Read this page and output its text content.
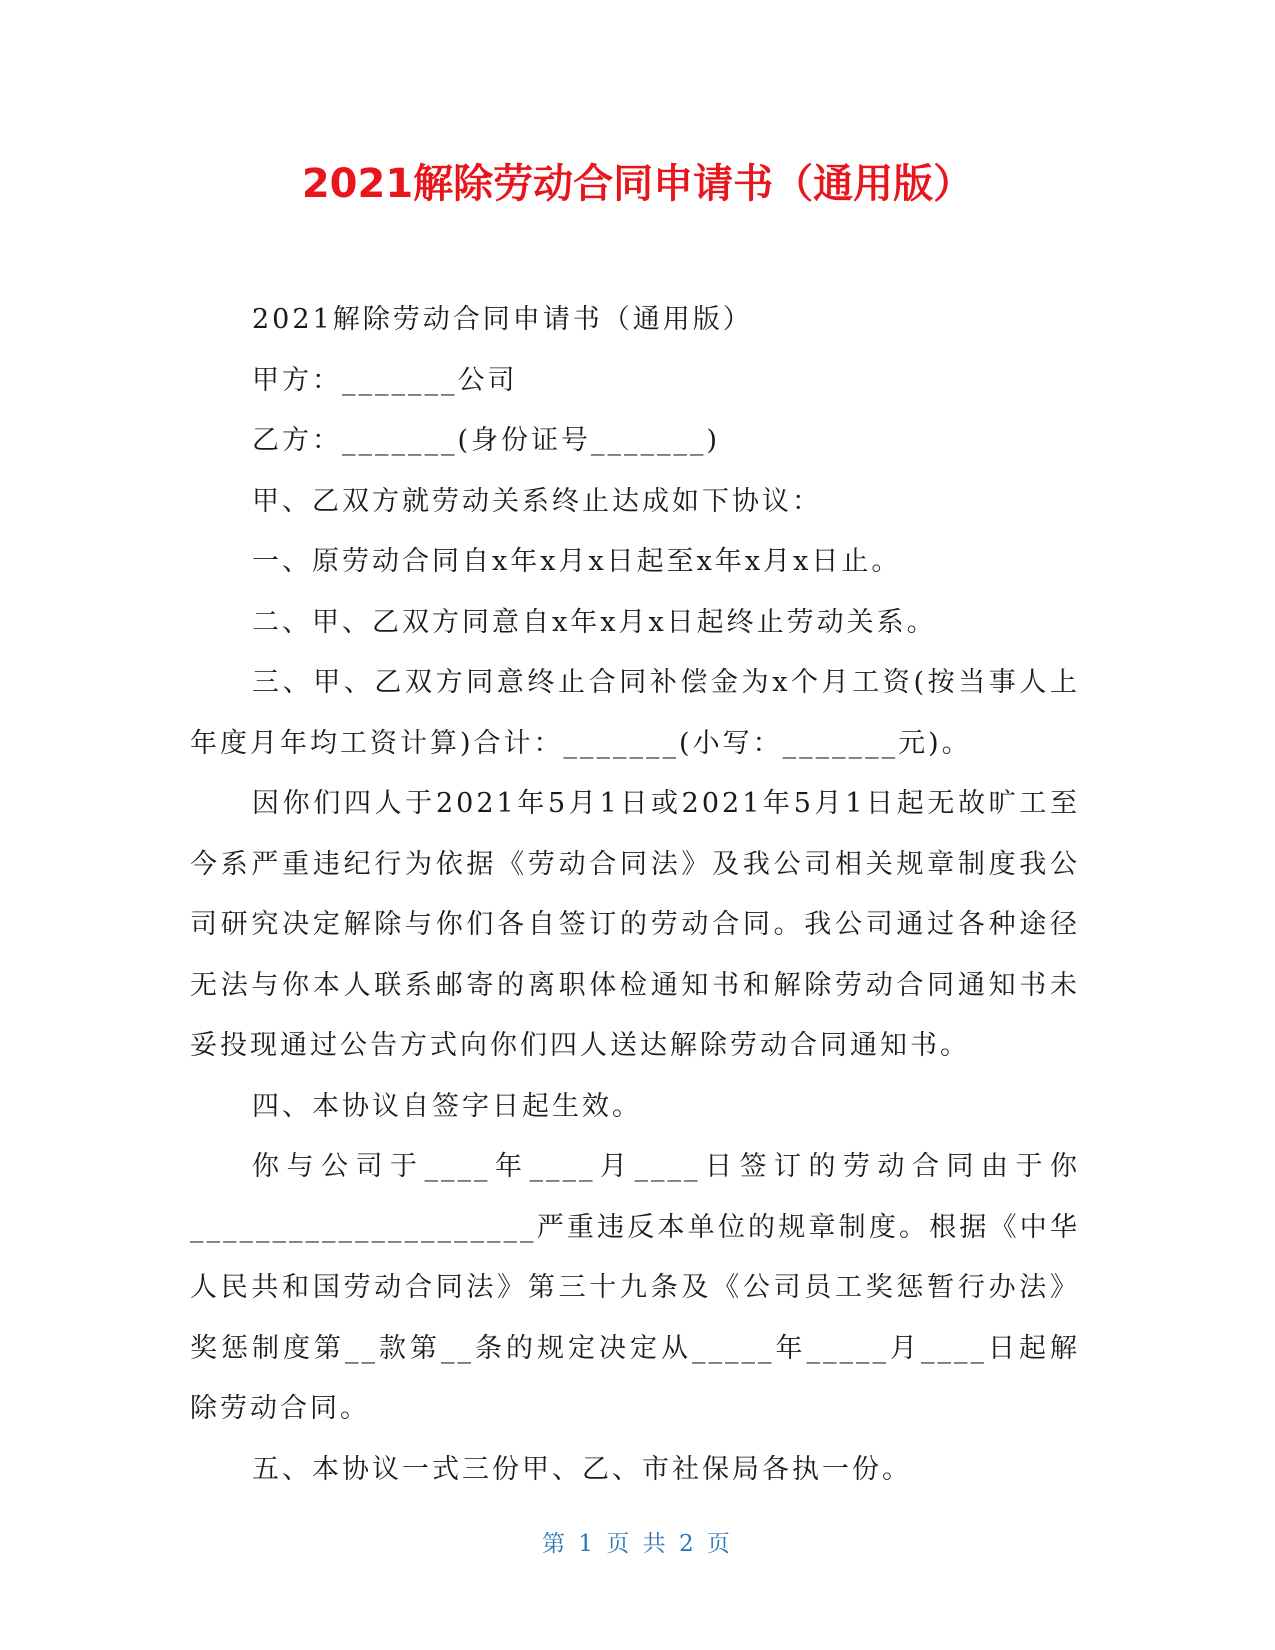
2021解除劳动合同申请书（通用版）

2021解除劳动合同申请书（通用版）

甲方：_______公司

乙方：_______(身份证号_______)

甲、乙双方就劳动关系终止达成如下协议：

一、原劳动合同自x年x月x日起至x年x月x日止。

二、甲、乙双方同意自x年x月x日起终止劳动关系。

三、甲、乙双方同意终止合同补偿金为x个月工资(按当事人上年度月年均工资计算)合计：_______(小写：_______元)。

因你们四人于2021年5月1日或2021年5月1日起无故旷工至今系严重违纪行为依据《劳动合同法》及我公司相关规章制度我公司研究决定解除与你们各自签订的劳动合同。我公司通过各种途径无法与你本人联系邮寄的离职体检通知书和解除劳动合同通知书未妥投现通过公告方式向你们四人送达解除劳动合同通知书。

四、本协议自签字日起生效。

你与公司于____年____月____日签订的劳动合同由于你_____________________严重违反本单位的规章制度。根据《中华人民共和国劳动合同法》第三十九条及《公司员工奖惩暂行办法》奖惩制度第__款第__条的规定决定从_____年_____月____日起解除劳动合同。

五、本协议一式三份甲、乙、市社保局各执一份。

第 1 页 共 2 页
